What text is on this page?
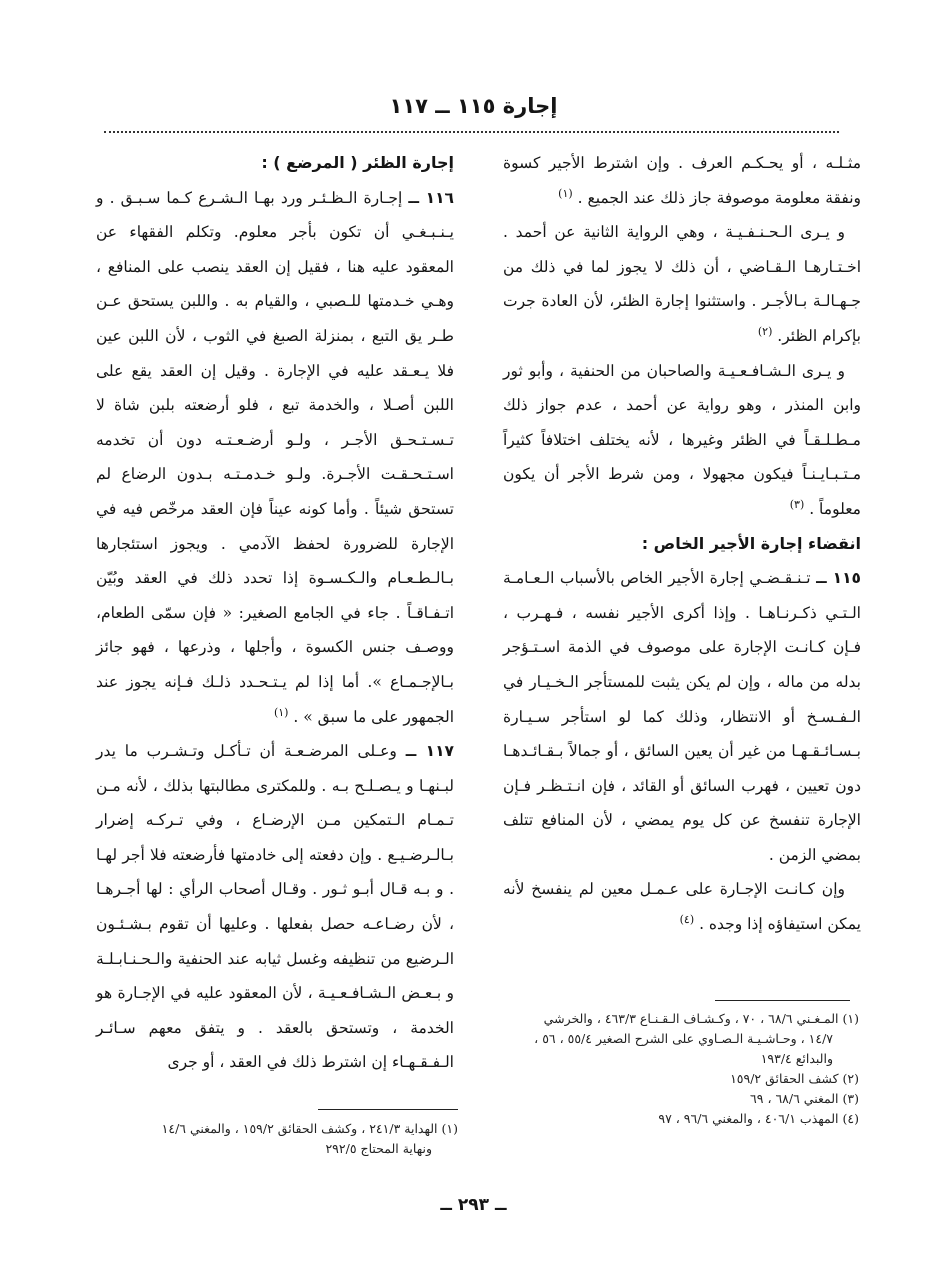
إجارة ١١٥ ــ ١١٧

مثـلـه ، أو يحـكـم العرف . وإن اشترط الأجير كسوة ونفقة معلومة موصوفة جاز ذلك عند الجميع . $^{(١)}$

و يـرى الـحـنـفـيـة ، وهي الرواية الثانية عن أحمد . اخـتـارهـا الـقـاضي ، أن ذلك لا يجوز لما في ذلك من جـهـالـة بـالأجـر . واستثنوا إجارة الظئر، لأن العادة جرت بإكرام الظئر. $^{(٢)}$

و يـرى الـشـافـعـيـة والصاحبان من الحنفية ، وأبو ثور وابن المنذر ، وهو رواية عن أحمد ، عدم جواز ذلك مـطـلـقـاً في الظئر وغيرها ، لأنه يختلف اختلافاً كثيراً مـتـبـايـنـاً فيكون مجهولا ، ومن شرط الأجر أن يكون معلوماً . $^{(٣)}$

انقضاء إجارة الأجير الخاص :

١١٥ ــ تـنـقـضـي إجارة الأجير الخاص بالأسباب الـعـامـة الـتـي ذكـرنـاهـا . وإذا أكرى الأجير نفسه ، فـهـرب ، فـإن كـانـت الإجارة على موصوف في الذمة اسـتـؤجر بدله من ماله ، وإن لم يكن يثبت للمستأجر الـخـيـار في الـفـسـخ أو الانتظار، وذلك كما لو استأجر سـيـارة بـسـائـقـهـا من غير أن يعين السائق ، أو جمالاً بـقـائـدهـا دون تعيين ، فهرب السائق أو القائد ، فإن انـتـظـر فـإن الإجارة تنفسخ عن كل يوم يمضي ، لأن المنافع تتلف بمضي الزمن .

وإن كـانـت الإجـارة على عـمـل معين لم ينفسخ لأنه يمكن استيفاؤه إذا وجده . $^{(٤)}$

إجارة الظئر ( المرضع ) :

١١٦ ــ إجـارة الـظـئـر ورد بهـا الـشـرع كـما سـبـق . و يـنـبـغـي أن تكون بأجر معلوم. وتكلم الفقهاء عن المعقود عليه هنا ، فقيل إن العقد ينصب على المنافع ، وهـي خـدمتها للـصبي ، والقيام به . واللبن يستحق عـن طـر يق التبع ، بمنزلة الصبغ في الثوب ، لأن اللبن عين فلا يـعـقد عليه في الإجارة . وقيل إن العقد يقع على اللبن أصـلا ، والخدمة تبع ، فلو أرضعته بلبن شاة لا تـسـتـحـق الأجـر ، ولـو أرضـعـتـه دون أن تخدمه اسـتـحـقـت الأجـرة. ولـو خـدمـتـه بـدون الرضاع لم تستحق شيئاً . وأما كونه عيناً فإن العقد مرخّص فيه في الإجارة للضرورة لحفظ الآدمي . ويجوز استئجارها بـالـطـعـام والـكـسـوة إذا تحدد ذلك في العقد وبُيّن اتـفـاقـاً . جاء في الجامع الصغير: « فإن سمّى الطعام، ووصـف جنس الكسوة ، وأجلها ، وذرعها ، فهو جائز بـالإجـمـاع ». أما إذا لم يـتـحـدد ذلـك فـإنه يجوز عند الجمهور على ما سبق » . $^{(١)}$

١١٧ ــ وعـلى المرضـعـة أن تـأكـل وتـشـرب ما يدر لبـنهـا و يـصـلـح بـه . وللمكترى مطالبتها بذلك ، لأنه مـن تـمـام الـتمكين مـن الإرضـاع ، وفي تـركـه إضرار بـالـرضـيـع . وإن دفعته إلى خادمتها فأرضعته فلا أجر لهـا . و بـه قـال أبـو ثـور . وقـال أصحاب الرأي : لها أجـرهـا ، لأن رضـاعـه حصل بفعلها . وعليها أن تقوم بـشـئـون الـرضيع من تنظيفه وغسل ثيابه عند الحنفية والـحـنـابـلـة و بـعـض الـشـافـعـيـة ، لأن المعقود عليه في الإجـارة هو الخدمة ، وتستحق بالعقد . و يتفق معهم سـائـر الـفـقـهـاء إن اشترط ذلك في العقد ، أو جرى

(١) المـغـني ٦٨/٦ ، ٧٠ ، وكـشـاف الـقـنـاع ٤٦٣/٣ ، والخرشي

١٤/٧ ، وحـاشـيـة الـصـاوي على الشرح الصغير ٥٥/٤ ، ٥٦ ،

والبدائع ١٩٣/٤

(٢) كشف الحقائق ١٥٩/٢

(٣) المغني ٦٨/٦ ، ٦٩

(٤) المهذب ٤٠٦/١ ، والمغني ٩٦/٦ ، ٩٧

(١) الهداية ٢٤١/٣ ، وكشف الحقائق ١٥٩/٢ ، والمغني ١٤/٦

ونهاية المحتاج ٢٩٢/٥

ــ ٢٩٣ ــ
